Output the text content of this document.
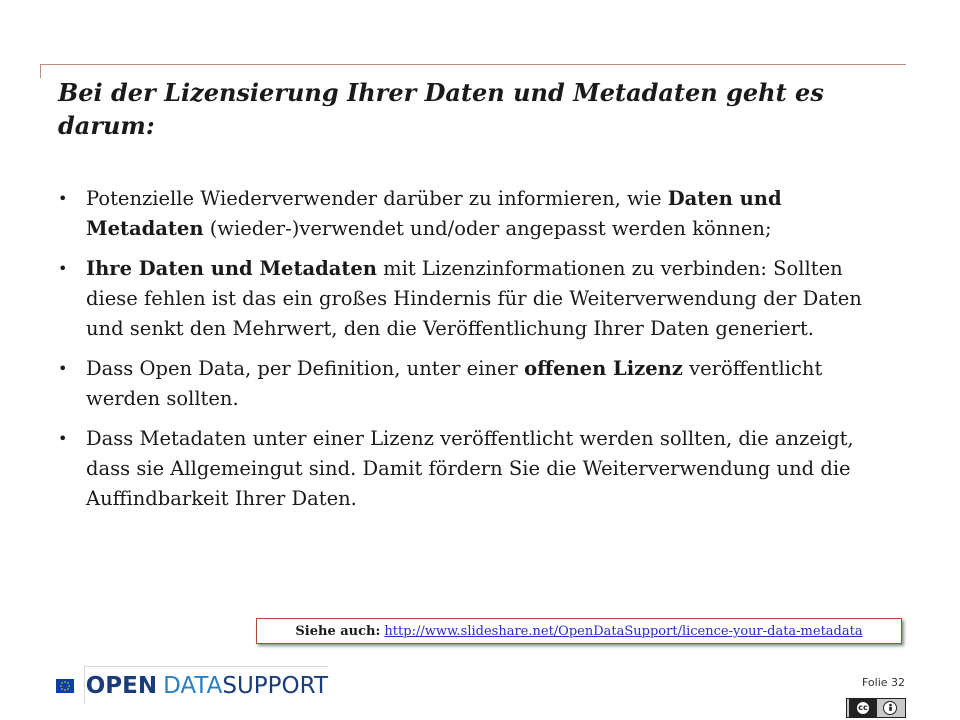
Bei der Lizensierung Ihrer Daten und Metadaten geht es darum:
• Potenzielle Wiederverwender darüber zu informieren, wie Daten und Metadaten (wieder-)verwendet und/oder angepasst werden können;
• Ihre Daten und Metadaten mit Lizenzinformationen zu verbinden: Sollten diese fehlen ist das ein großes Hindernis für die Weiterverwendung der Daten und senkt den Mehrwert, den die Veröffentlichung Ihrer Daten generiert.
• Dass Open Data, per Definition, unter einer offenen Lizenz veröffentlicht werden sollten.
• Dass Metadaten unter einer Lizenz veröffentlicht werden sollten, die anzeigt, dass sie Allgemeingut sind. Damit fördern Sie die Weiterverwendung und die Auffindbarkeit Ihrer Daten.
Siehe auch: http://www.slideshare.net/OpenDataSupport/licence-your-data-metadata
OPEN DATASUPPORT	Folie 32
cc
